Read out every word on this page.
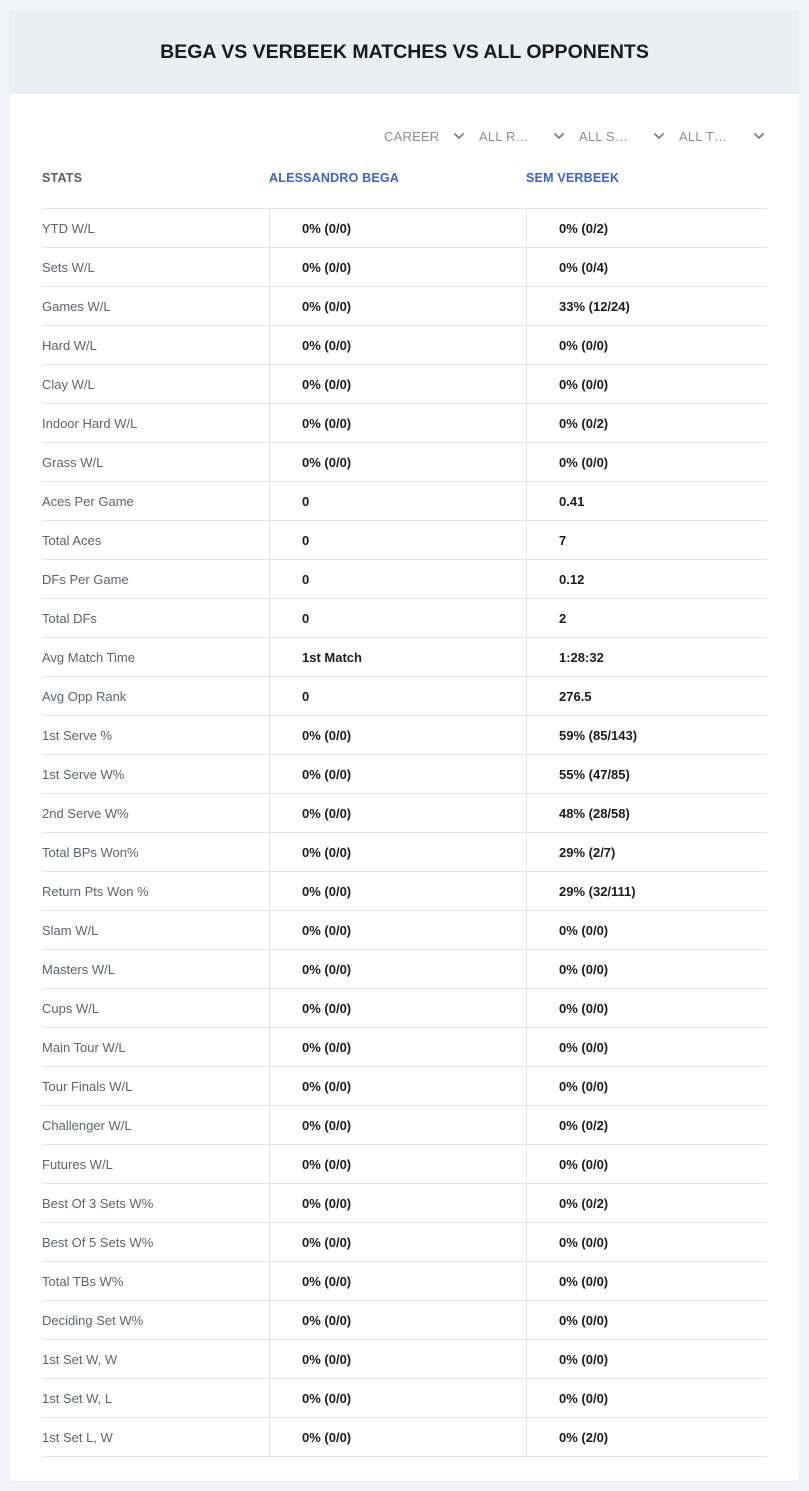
BEGA VS VERBEEK MATCHES VS ALL OPPONENTS
CAREER	ALL R…	ALL S…	ALL T…
STATS	ALESSANDRO BEGA	SEM VERBEEK
YTD W/L	0% (0/0)	0% (0/2)
Sets W/L	0% (0/0)	0% (0/4)
Games W/L	0% (0/0)	33% (12/24)
Hard W/L	0% (0/0)	0% (0/0)
Clay W/L	0% (0/0)	0% (0/0)
Indoor Hard W/L	0% (0/0)	0% (0/2)
Grass W/L	0% (0/0)	0% (0/0)
Aces Per Game	0	0.41
Total Aces	0	7
DFs Per Game	0	0.12
Total DFs	0	2
Avg Match Time	1st Match	1:28:32
Avg Opp Rank	0	276.5
1st Serve %	0% (0/0)	59% (85/143)
1st Serve W%	0% (0/0)	55% (47/85)
2nd Serve W%	0% (0/0)	48% (28/58)
Total BPs Won%	0% (0/0)	29% (2/7)
Return Pts Won %	0% (0/0)	29% (32/111)
Slam W/L	0% (0/0)	0% (0/0)
Masters W/L	0% (0/0)	0% (0/0)
Cups W/L	0% (0/0)	0% (0/0)
Main Tour W/L	0% (0/0)	0% (0/0)
Tour Finals W/L	0% (0/0)	0% (0/0)
Challenger W/L	0% (0/0)	0% (0/2)
Futures W/L	0% (0/0)	0% (0/0)
Best Of 3 Sets W%	0% (0/0)	0% (0/2)
Best Of 5 Sets W%	0% (0/0)	0% (0/0)
Total TBs W%	0% (0/0)	0% (0/0)
Deciding Set W%	0% (0/0)	0% (0/0)
1st Set W, W	0% (0/0)	0% (0/0)
1st Set W, L	0% (0/0)	0% (0/0)
1st Set L, W	0% (0/0)	0% (2/0)
